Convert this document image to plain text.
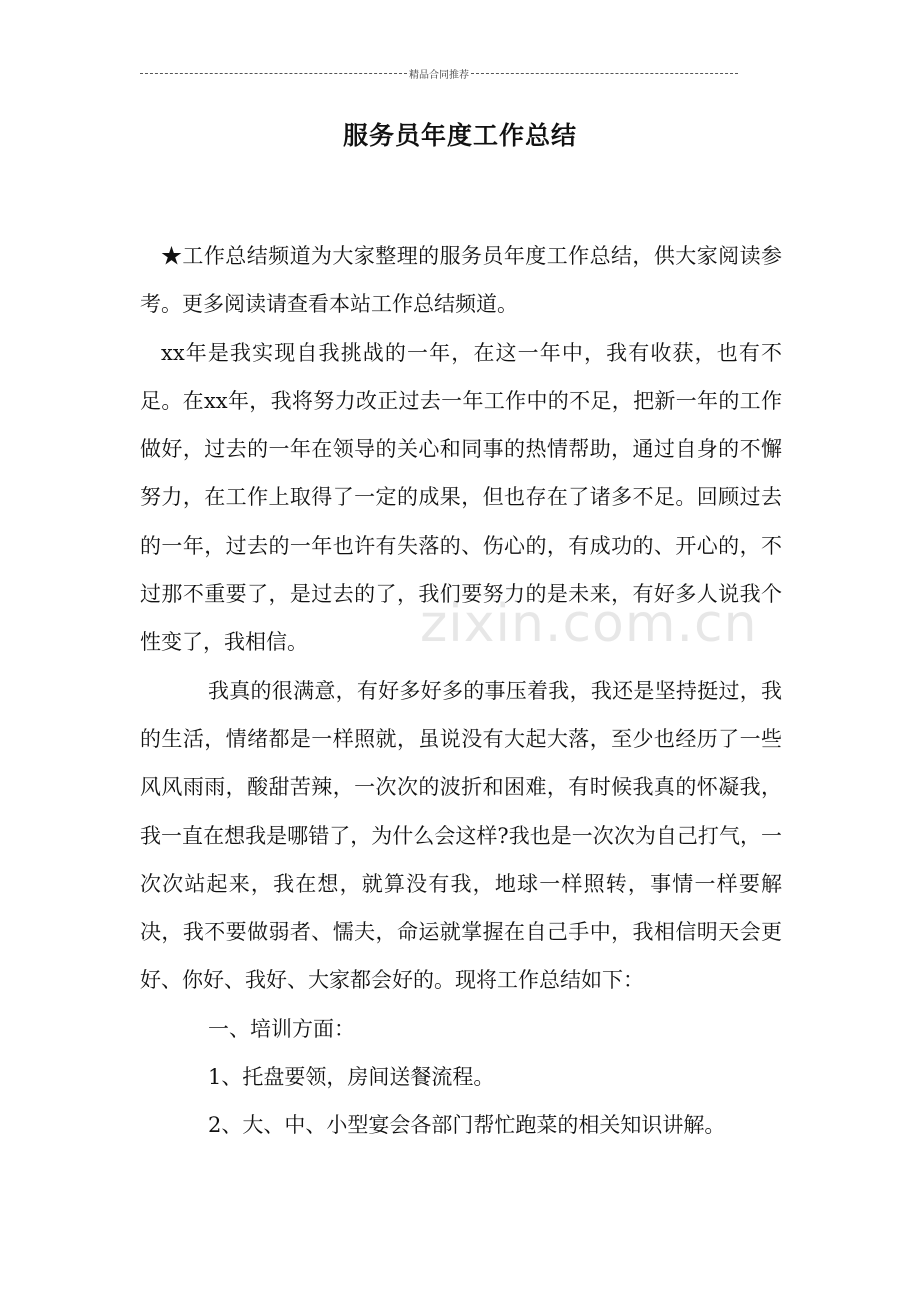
精品合同推荐
服务员年度工作总结

★工作总结频道为大家整理的服务员年度工作总结，供大家阅读参考。更多阅读请查看本站工作总结频道。

xx年是我实现自我挑战的一年，在这一年中，我有收获，也有不足。在xx年，我将努力改正过去一年工作中的不足，把新一年的工作做好，过去的一年在领导的关心和同事的热情帮助，通过自身的不懈努力，在工作上取得了一定的成果，但也存在了诸多不足。回顾过去的一年，过去的一年也许有失落的、伤心的，有成功的、开心的，不过那不重要了，是过去的了，我们要努力的是未来，有好多人说我个性变了，我相信。

我真的很满意，有好多好多的事压着我，我还是坚持挺过，我的生活，情绪都是一样照就，虽说没有大起大落，至少也经历了一些风风雨雨，酸甜苦辣，一次次的波折和困难，有时候我真的怀凝我，我一直在想我是哪错了，为什么会这样?我也是一次次为自己打气，一次次站起来，我在想，就算没有我，地球一样照转，事情一样要解决，我不要做弱者、懦夫，命运就掌握在自己手中，我相信明天会更好、你好、我好、大家都会好的。现将工作总结如下：

一、培训方面：

1、托盘要领，房间送餐流程。

2、大、中、小型宴会各部门帮忙跑菜的相关知识讲解。

zixin.com.cn
